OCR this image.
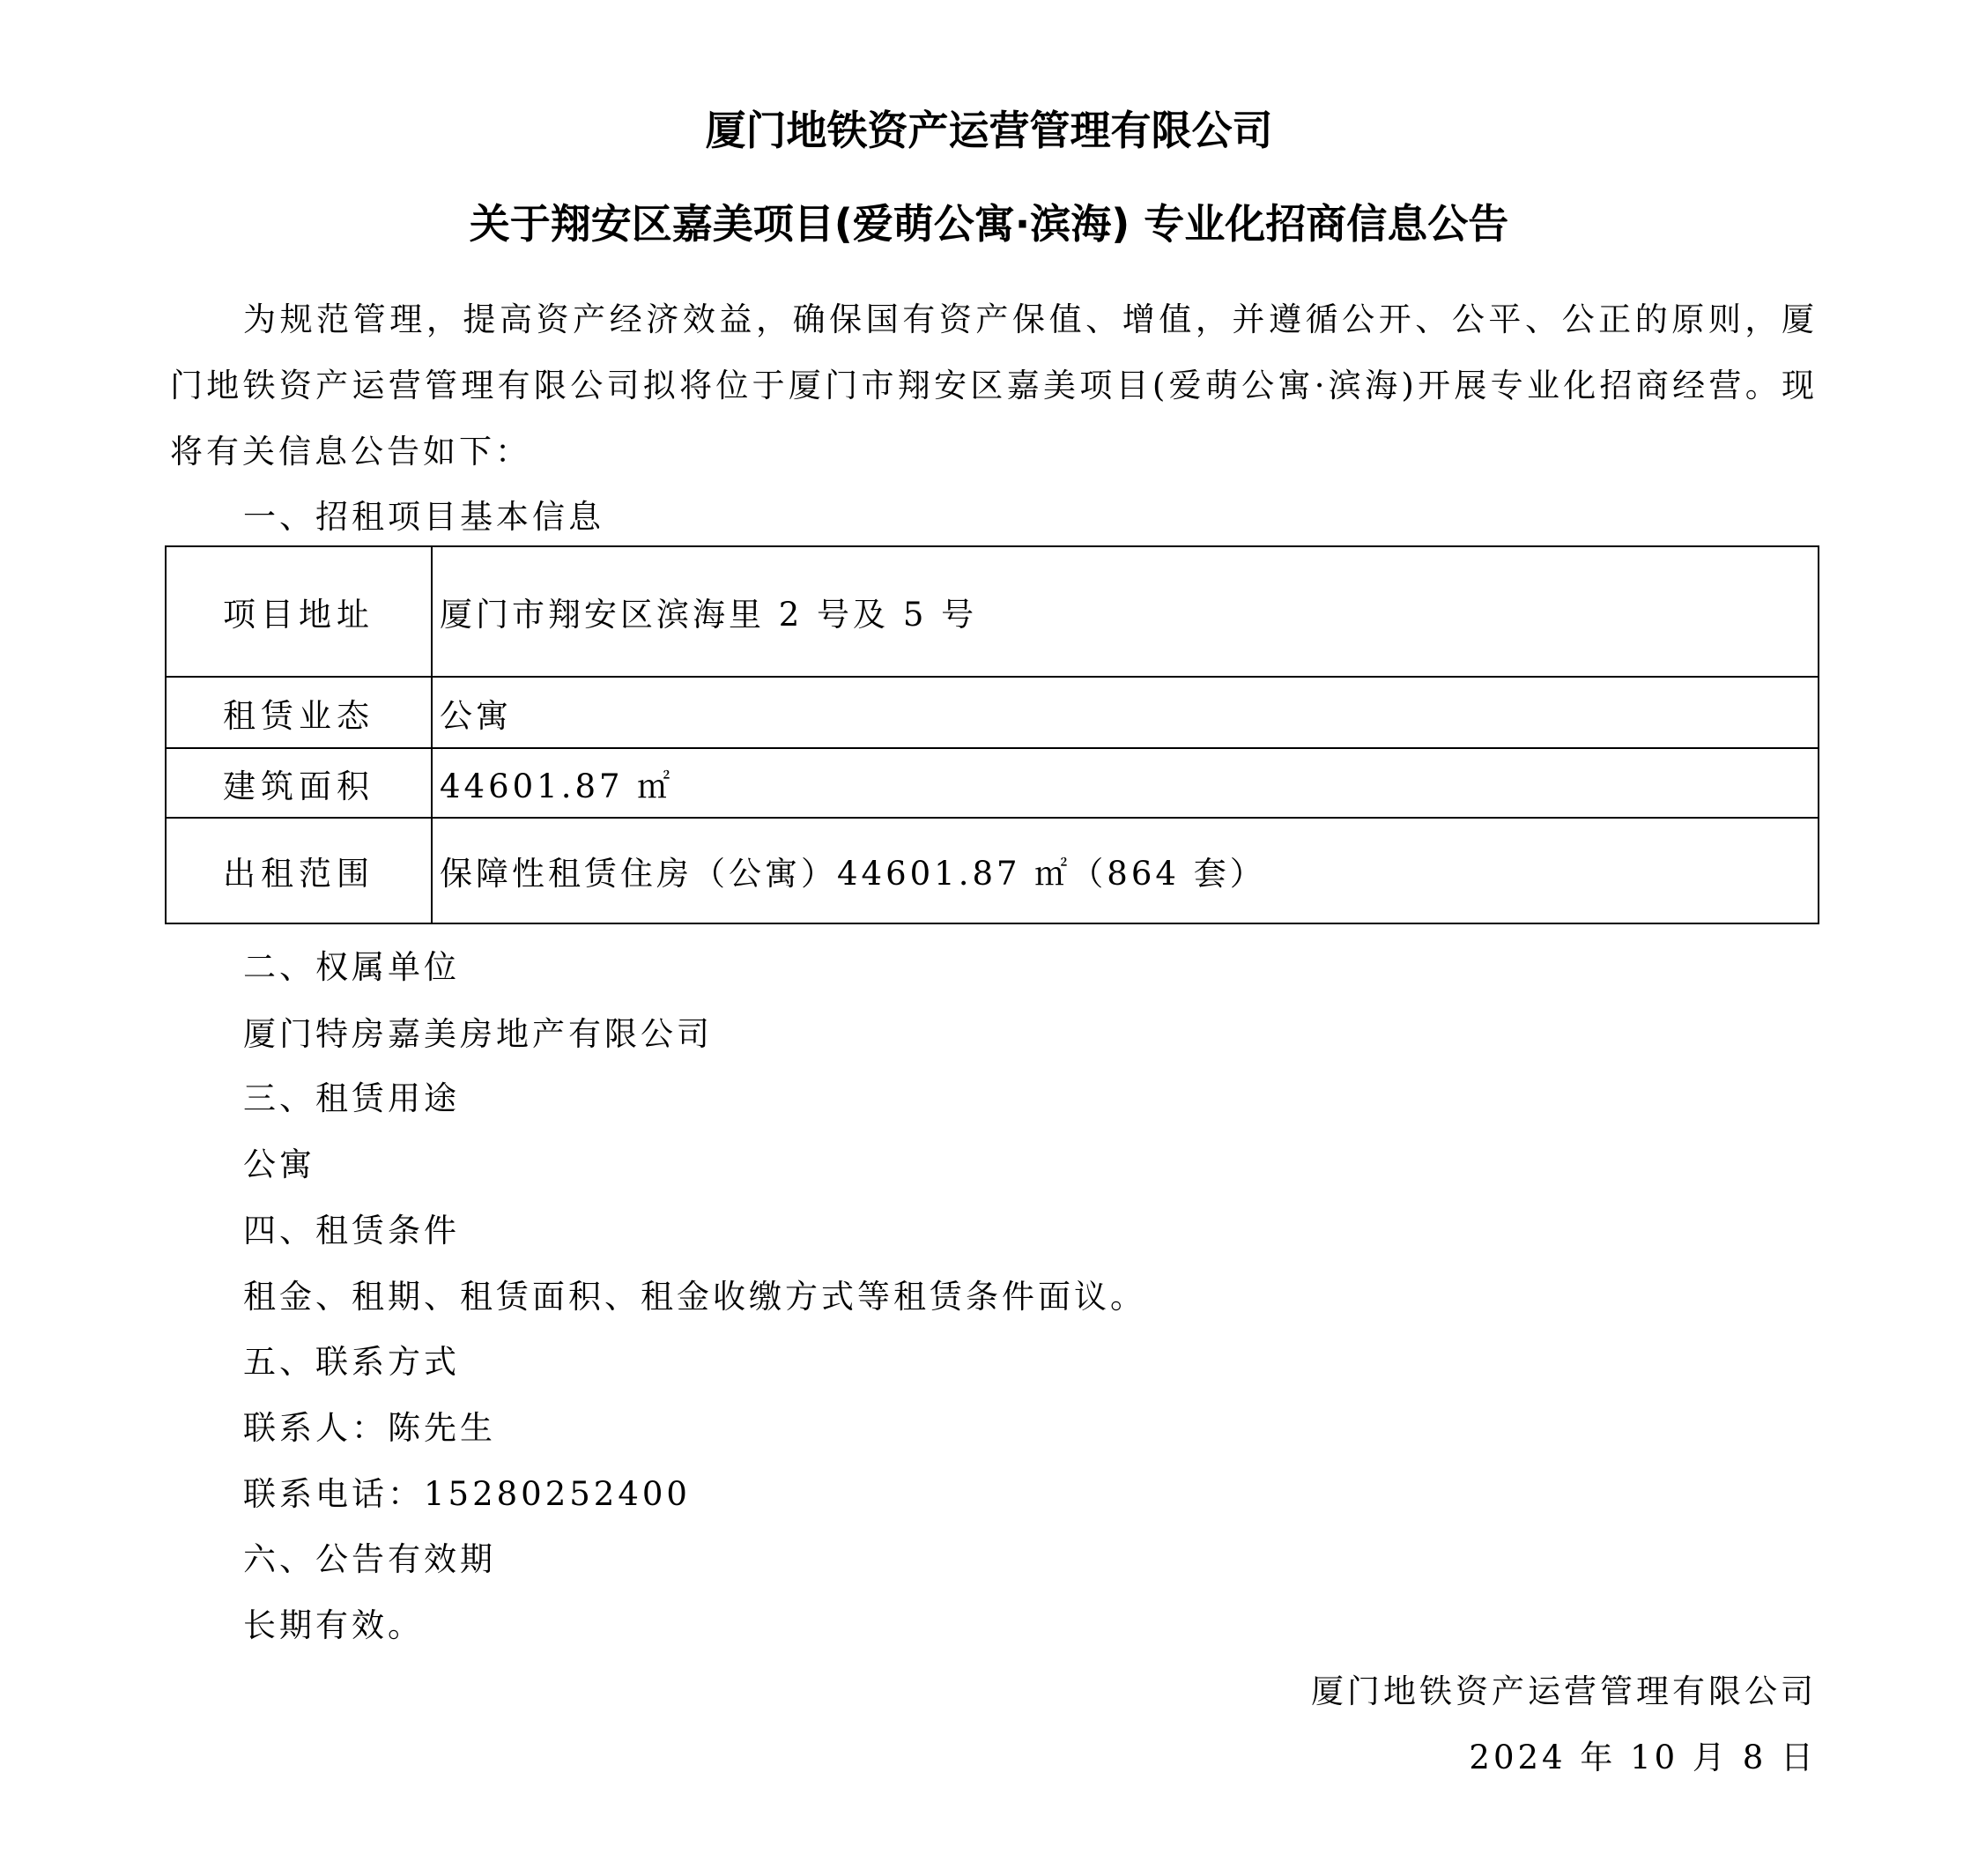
厦门地铁资产运营管理有限公司
关于翔安区嘉美项目(爱萌公寓·滨海) 专业化招商信息公告

为规范管理，提高资产经济效益，确保国有资产保值、增值，并遵循公开、公平、公正的原则，厦门地铁资产运营管理有限公司拟将位于厦门市翔安区嘉美项目(爱萌公寓·滨海)开展专业化招商经营。现将有关信息公告如下：

一、招租项目基本信息
项目地址	厦门市翔安区滨海里 2 号及 5 号
租赁业态	公寓
建筑面积	44601.87 ㎡
出租范围	保障性租赁住房（公寓）44601.87 ㎡（864 套）
二、权属单位
厦门特房嘉美房地产有限公司
三、租赁用途
公寓
四、租赁条件
租金、租期、租赁面积、租金收缴方式等租赁条件面议。
五、联系方式
联系人：陈先生
联系电话：15280252400
六、公告有效期
长期有效。
厦门地铁资产运营管理有限公司
2024 年 10 月 8 日
